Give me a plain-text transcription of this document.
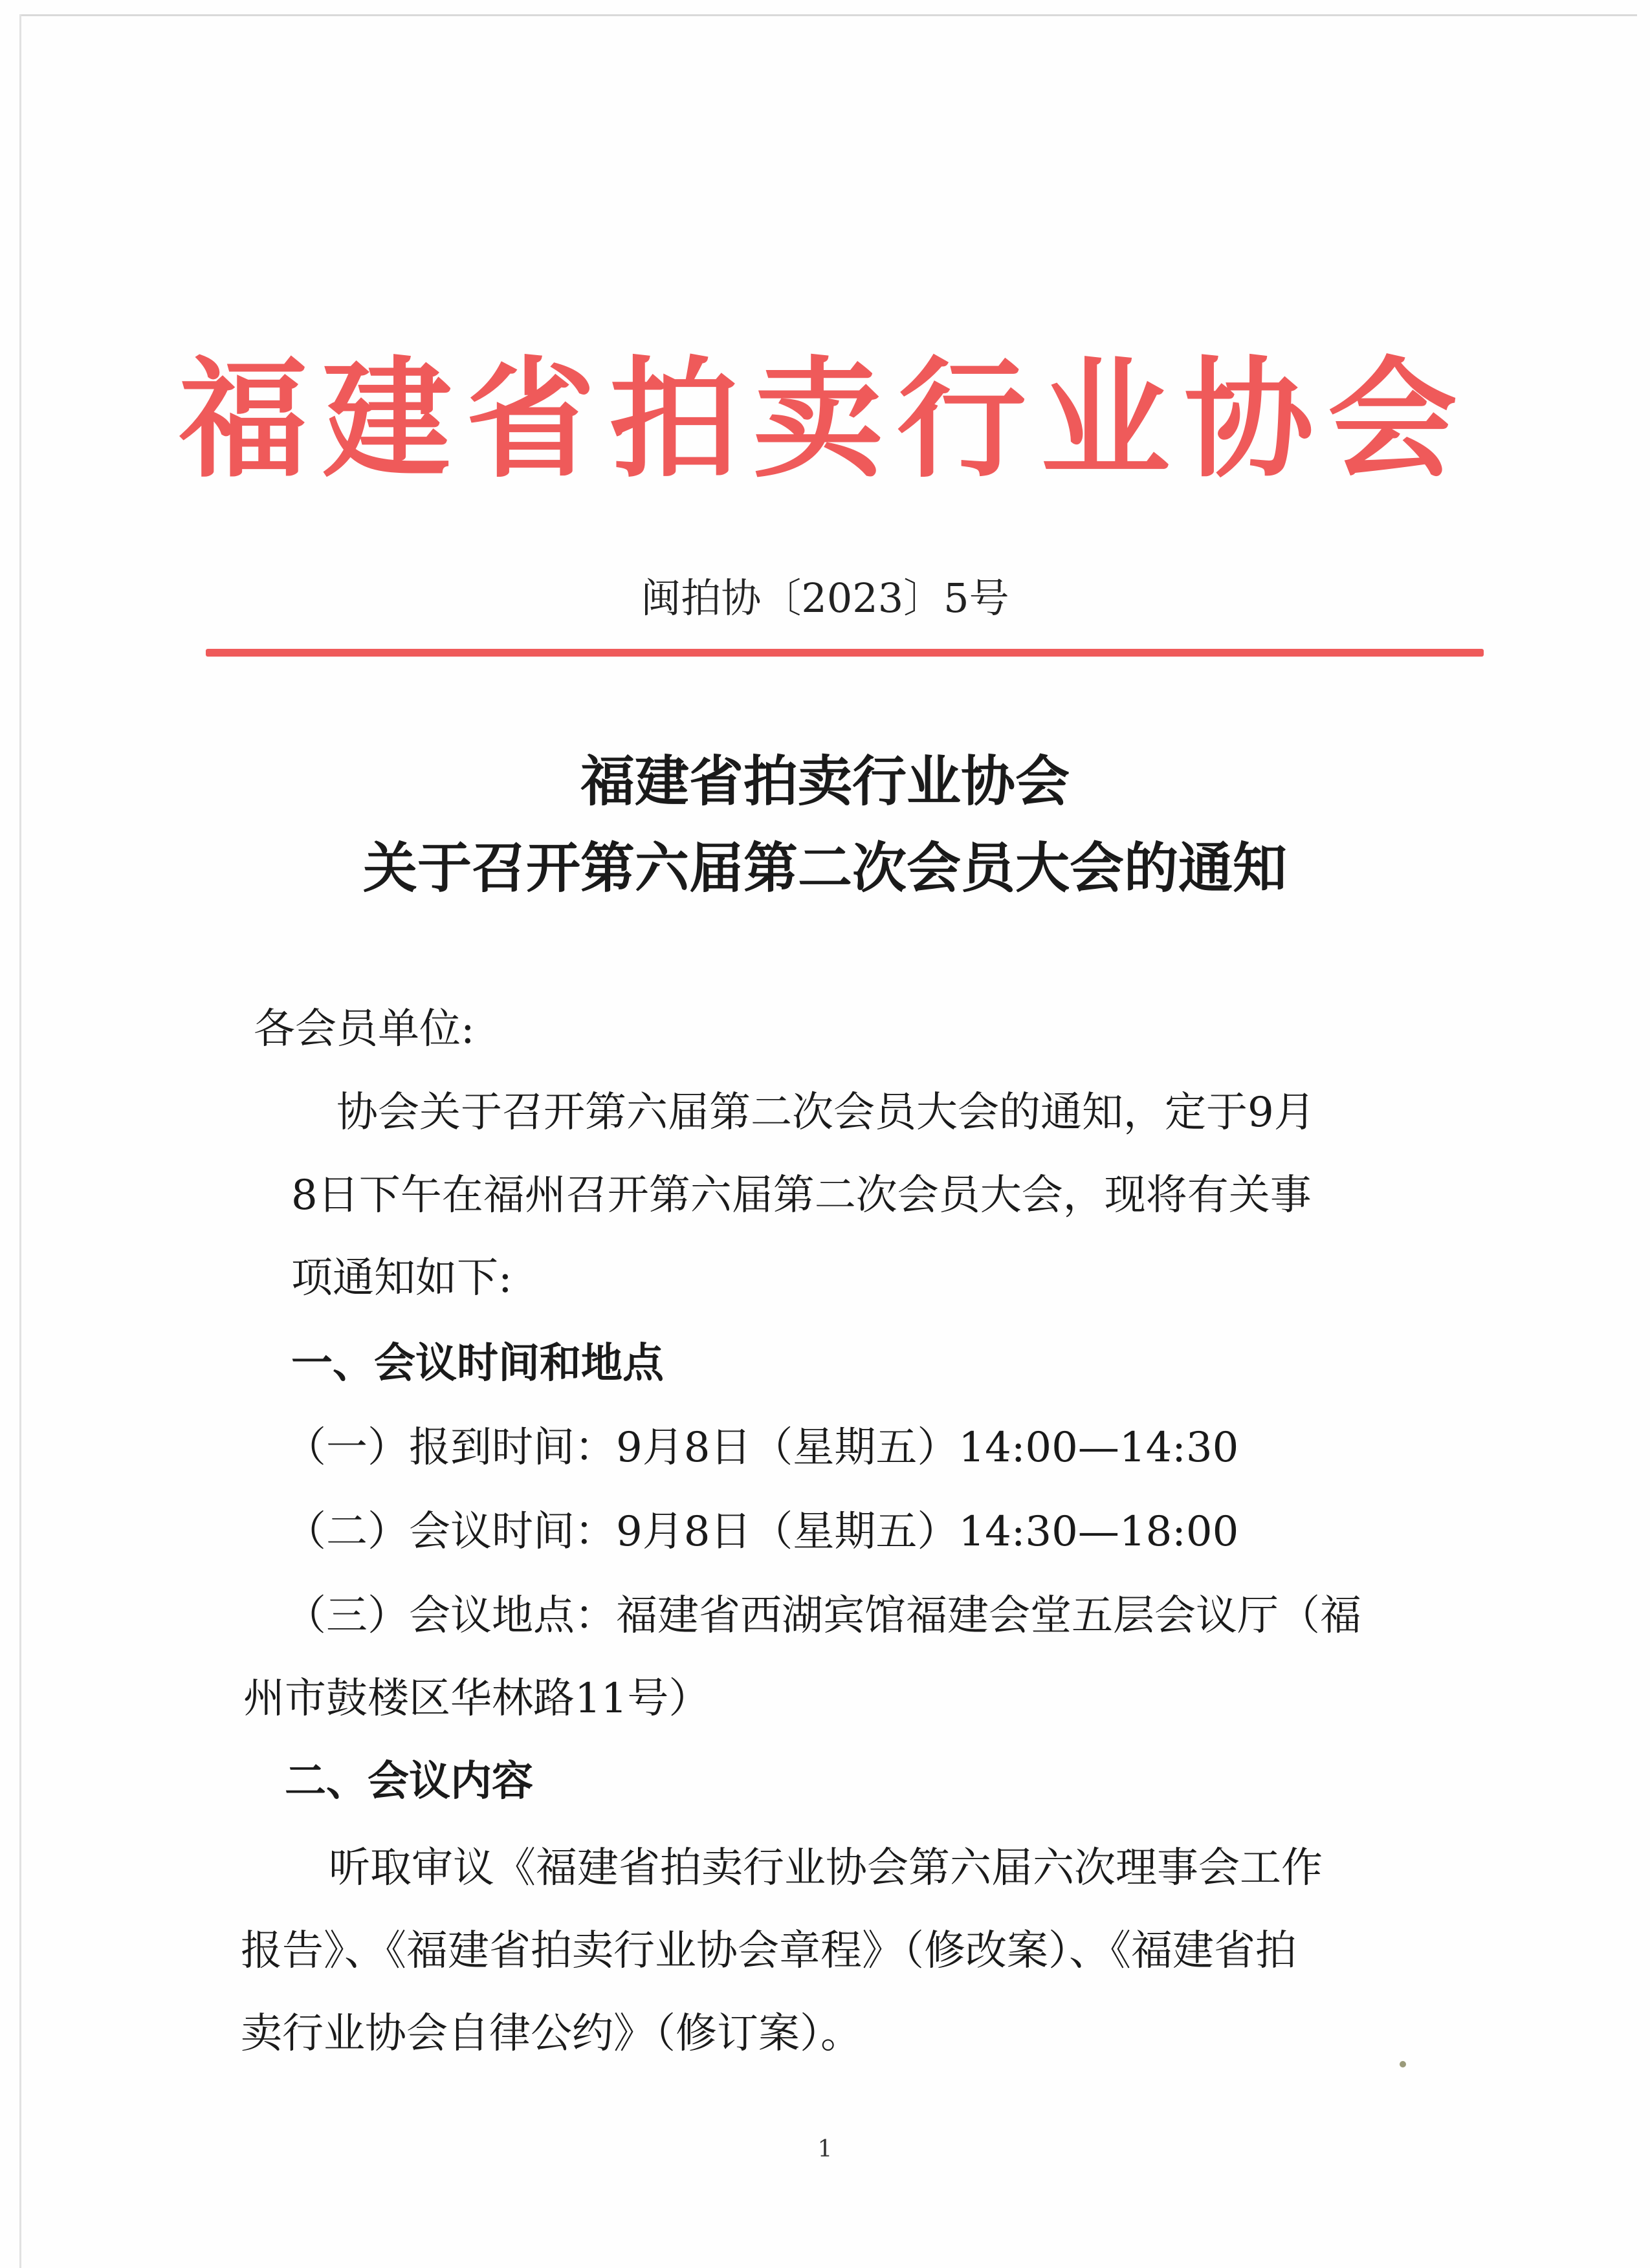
福建省拍卖行业协会
闽拍协〔2023〕5号
福建省拍卖行业协会
关于召开第六届第二次会员大会的通知
各会员单位:
协会关于召开第六届第二次会员大会的通知，定于9月
8日下午在福州召开第六届第二次会员大会，现将有关事
项通知如下:
一、会议时间和地点
（一）报到时间：9月8日（星期五）14:00—14:30
（二）会议时间：9月8日（星期五）14:30—18:00
（三）会议地点：福建省西湖宾馆福建会堂五层会议厅（福
州市鼓楼区华林路11号）
二、会议内容
听取审议《福建省拍卖行业协会第六届六次理事会工作
报告》、《福建省拍卖行业协会章程》（修改案）、《福建省拍
卖行业协会自律公约》（修订案）。
1
